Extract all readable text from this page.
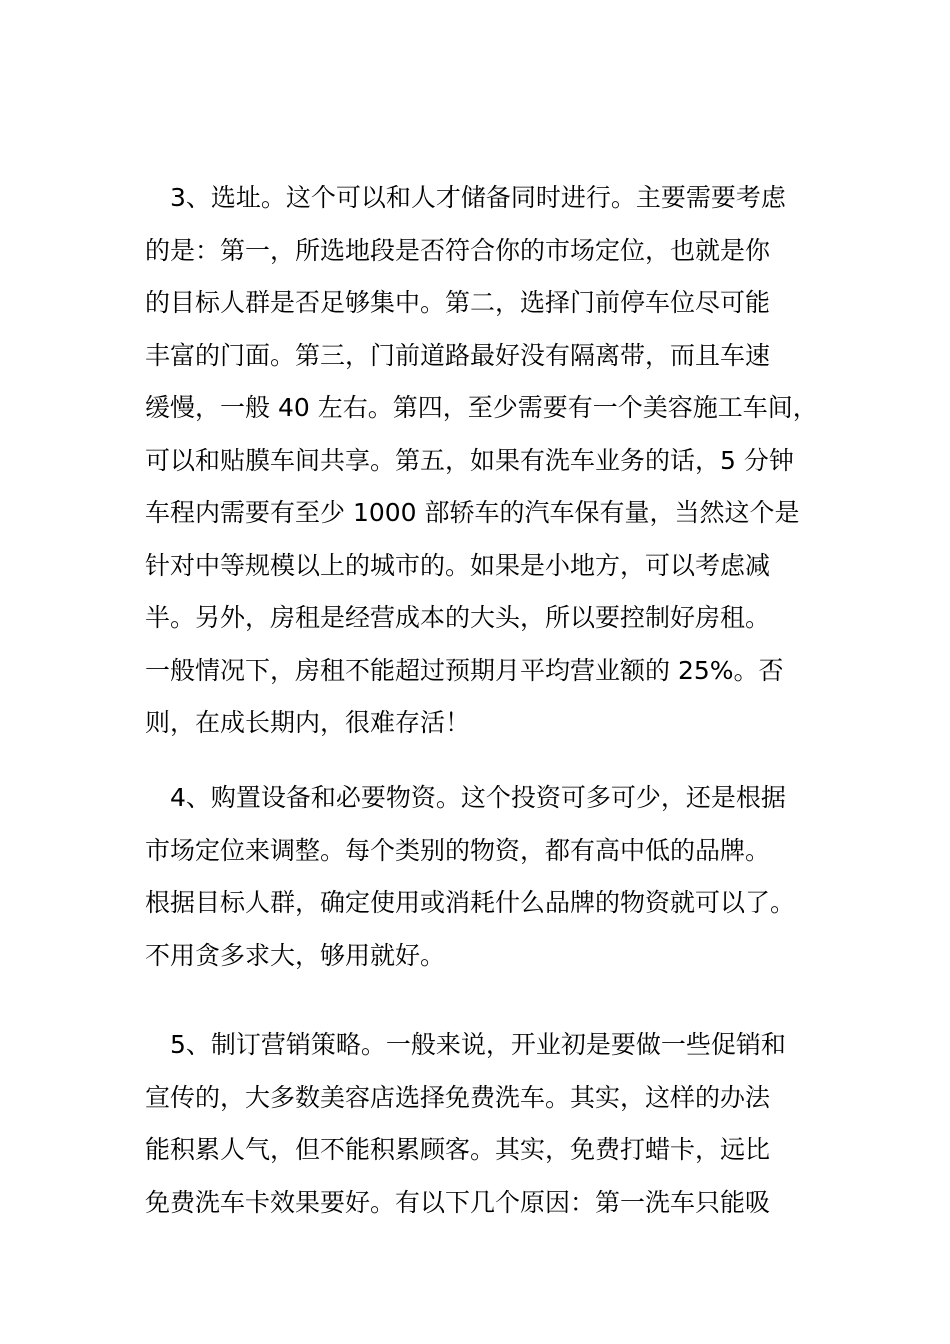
3、选址。这个可以和人才储备同时进行。主要需要考虑
的是：第一，所选地段是否符合你的市场定位，也就是你
的目标人群是否足够集中。第二，选择门前停车位尽可能
丰富的门面。第三，门前道路最好没有隔离带，而且车速
缓慢，一般 40 左右。第四，至少需要有一个美容施工车间，
可以和贴膜车间共享。第五，如果有洗车业务的话，5 分钟
车程内需要有至少 1000 部轿车的汽车保有量，当然这个是
针对中等规模以上的城市的。如果是小地方，可以考虑减
半。另外，房租是经营成本的大头，所以要控制好房租。
一般情况下，房租不能超过预期月平均营业额的 25%。否
则，在成长期内，很难存活！

4、购置设备和必要物资。这个投资可多可少，还是根据
市场定位来调整。每个类别的物资，都有高中低的品牌。
根据目标人群，确定使用或消耗什么品牌的物资就可以了。
不用贪多求大，够用就好。

5、制订营销策略。一般来说，开业初是要做一些促销和
宣传的，大多数美容店选择免费洗车。其实，这样的办法
能积累人气，但不能积累顾客。其实，免费打蜡卡，远比
免费洗车卡效果要好。有以下几个原因：第一洗车只能吸
